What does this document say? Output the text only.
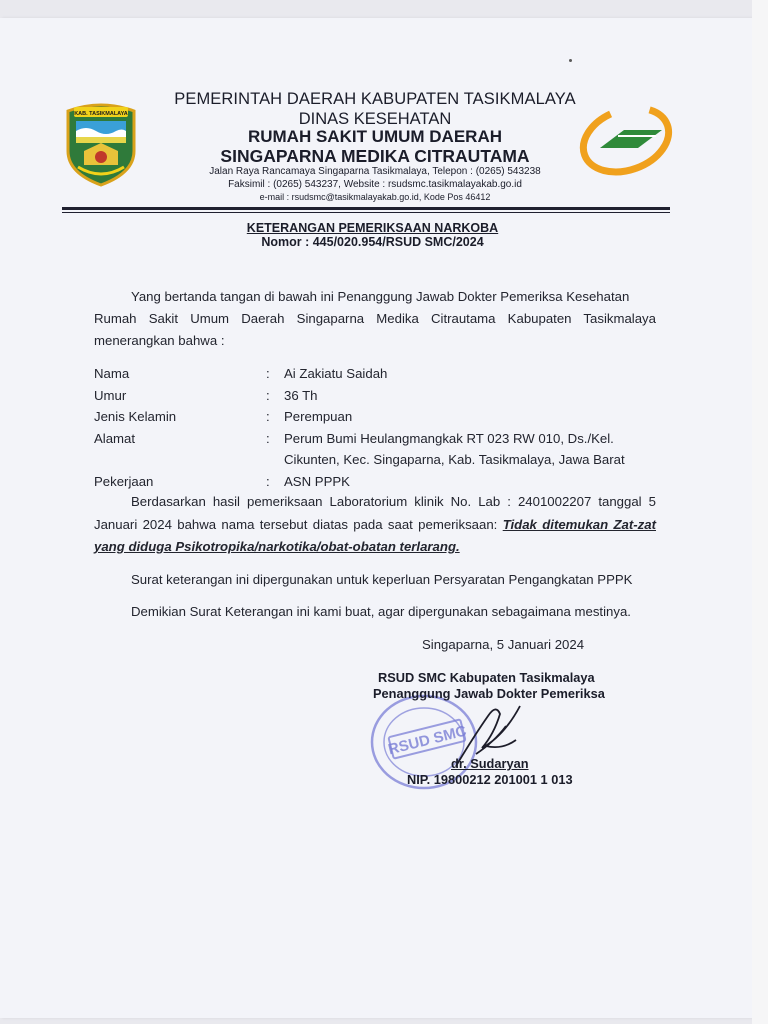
KAB. TASIKMALAYA
PEMERINTAH DAERAH KABUPATEN TASIKMALAYA
DINAS KESEHATAN
RUMAH SAKIT UMUM DAERAH
SINGAPARNA MEDIKA CITRAUTAMA
Jalan Raya Rancamaya Singaparna Tasikmalaya, Telepon : (0265) 543238
Faksimil : (0265) 543237, Website : rsudsmc.tasikmalayakab.go.id
e-mail : rsudsmc@tasikmalayakab.go.id, Kode Pos 46412
KETERANGAN PEMERIKSAAN NARKOBA
Nomor : 445/020.954/RSUD SMC/2024
Yang bertanda tangan di bawah ini Penanggung Jawab Dokter Pemeriksa Kesehatan
Rumah Sakit Umum Daerah Singaparna Medika Citrautama Kabupaten Tasikmalaya
menerangkan bahwa :
Nama	: Ai Zakiatu Saidah
Umur	: 36 Th
Jenis Kelamin	: Perempuan
Alamat	: Perum Bumi Heulangmangkak RT 023 RW 010, Ds./Kel.
Cikunten, Kec. Singaparna, Kab. Tasikmalaya, Jawa Barat
Pekerjaan	: ASN PPPK
Berdasarkan hasil pemeriksaan Laboratorium klinik No. Lab : 2401002207 tanggal 5
Januari 2024 bahwa nama tersebut diatas pada saat pemeriksaan: Tidak ditemukan Zat-zat
yang diduga Psikotropika/narkotika/obat-obatan terlarang.
Surat keterangan ini dipergunakan untuk keperluan Persyaratan Pengangkatan PPPK
Demikian Surat Keterangan ini kami buat, agar dipergunakan sebagaimana mestinya.
Singaparna, 5 Januari 2024
RSUD SMC
RSUD SMC Kabupaten Tasikmalaya
Penanggung Jawab Dokter Pemeriksa
dr. Sudaryan
NIP. 19800212 201001 1 013
